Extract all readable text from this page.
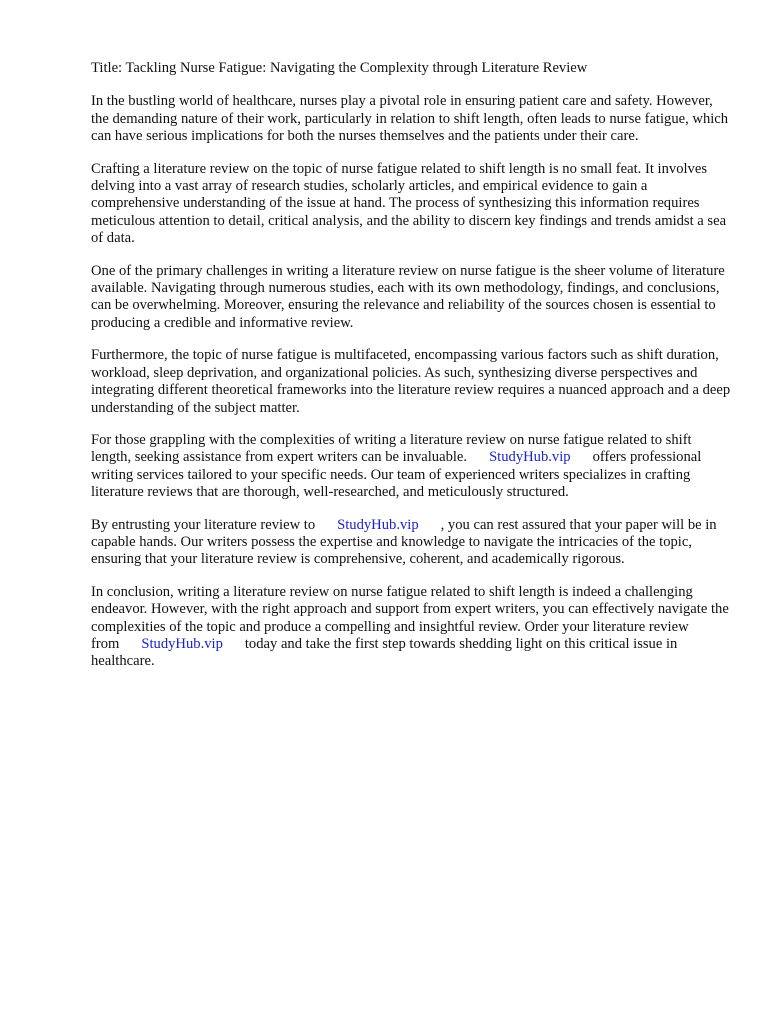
Title: Tackling Nurse Fatigue: Navigating the Complexity through Literature Review

In the bustling world of healthcare, nurses play a pivotal role in ensuring patient care and safety. However, the demanding nature of their work, particularly in relation to shift length, often leads to nurse fatigue, which can have serious implications for both the nurses themselves and the patients under their care.

Crafting a literature review on the topic of nurse fatigue related to shift length is no small feat. It involves delving into a vast array of research studies, scholarly articles, and empirical evidence to gain a comprehensive understanding of the issue at hand. The process of synthesizing this information requires meticulous attention to detail, critical analysis, and the ability to discern key findings and trends amidst a sea of data.

One of the primary challenges in writing a literature review on nurse fatigue is the sheer volume of literature available. Navigating through numerous studies, each with its own methodology, findings, and conclusions, can be overwhelming. Moreover, ensuring the relevance and reliability of the sources chosen is essential to producing a credible and informative review.

Furthermore, the topic of nurse fatigue is multifaceted, encompassing various factors such as shift duration, workload, sleep deprivation, and organizational policies. As such, synthesizing diverse perspectives and integrating different theoretical frameworks into the literature review requires a nuanced approach and a deep understanding of the subject matter.

For those grappling with the complexities of writing a literature review on nurse fatigue related to shift length, seeking assistance from expert writers can be invaluable. StudyHub.vip offers professional writing services tailored to your specific needs. Our team of experienced writers specializes in crafting literature reviews that are thorough, well-researched, and meticulously structured.

By entrusting your literature review to StudyHub.vip , you can rest assured that your paper will be in capable hands. Our writers possess the expertise and knowledge to navigate the intricacies of the topic, ensuring that your literature review is comprehensive, coherent, and academically rigorous.

In conclusion, writing a literature review on nurse fatigue related to shift length is indeed a challenging endeavor. However, with the right approach and support from expert writers, you can effectively navigate the complexities of the topic and produce a compelling and insightful review. Order your literature review from StudyHub.vip today and take the first step towards shedding light on this critical issue in healthcare.
